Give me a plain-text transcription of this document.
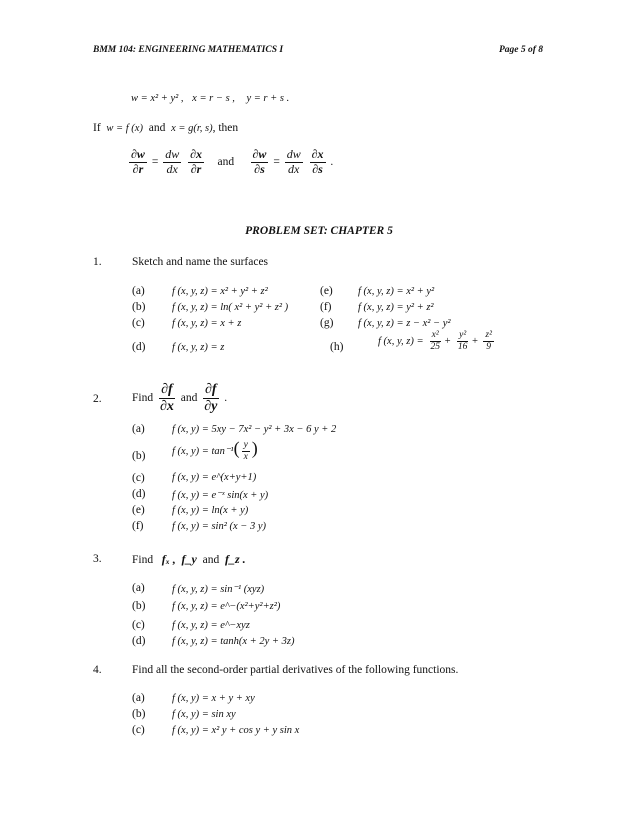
BMM 104: ENGINEERING MATHEMATICS I	Page 5 of 8
w = x² + y² , x = r − s , y = r + s .
If w = f (x) and x = g(r, s), then
$\frac{\partial w}{\partial r} = \frac{dw}{dx}$
$\frac{\partial x}{\partial r}$ and $\frac{\partial w}{\partial s} = \frac{dw}{dx}$
$\frac{\partial x}{\partial s}$ .
PROBLEM SET: CHAPTER 5
1.	Sketch and name the surfaces
(a)	f (x, y, z) = x² + y² + z²
(b)	f (x, y, z) = ln( x² + y² + z² )
(c)	f (x, y, z) = x + z
(d)	f (x, y, z) = z
(e) f (x, y, z) = x² + y²
(f)	f (x, y, z) = y² + z²
(g) f (x, y, z) = z − x² − y²
(h)	f (x, y, $z) = \frac{\text{x²}}{25} + \frac{\text{y²}}{16} + \frac{\text{z²}}{9}$
2.	Find $\frac{\partial f}{\partial x}$ and $\frac{\partial f}{\partial y}$ .
(a)	f (x, y) = 5xy − 7x² − y² + 3x − 6 y + 2
(b)	f (x, $y) = \tan^{-1}( \frac{y}{x}$ )
(c)	f (x, y) = e^(x+y+1)
(d)	f (x, y) = e⁻ˣ sin(x + y)
(e)	f (x, y) = ln(x + y)
(f)	f (x, y) = sin² (x − 3 y)
3.	Find fₓ , f_y and f_z .
(a)	f (x, y, z) = sin⁻¹ (xyz)
(b)	f (x, y, z) = e^−(x²+y²+z²)
(c)	f (x, y, z) = e^−xyz
(d)	f (x, y, z) = tanh(x + 2y + 3z)
4.	Find all the second-order partial derivatives of the following functions.
(a)	f (x, y) = x + y + xy
(b)	f (x, y) = sin xy
(c)	f (x, y) = x² y + cos y + y sin x
